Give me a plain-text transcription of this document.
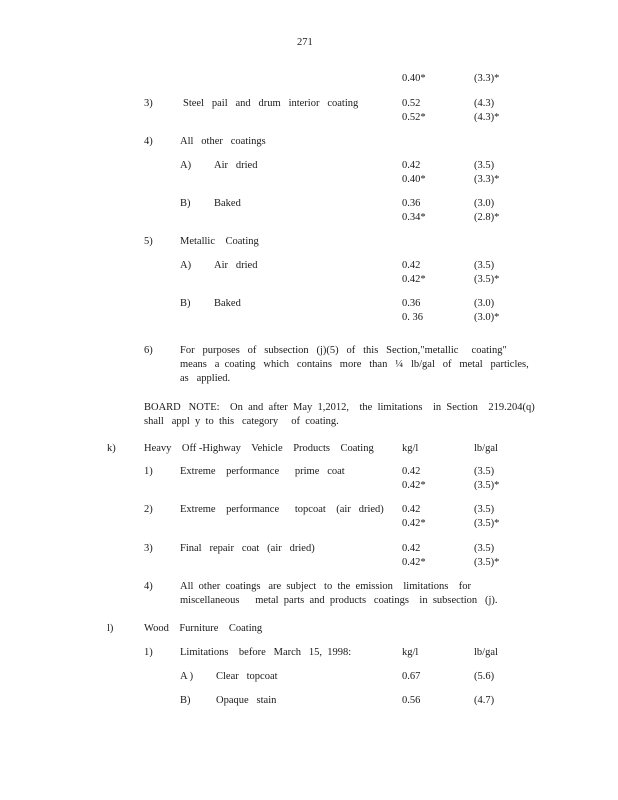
271
0.40*	(3.3)*
3)	Steel   pail   and   drum   interior   coating	0.52	(4.3)
0.52*	(4.3)*
4)	All   other   coatings
A) Air   dried	0.42	(3.5)
0.40*	(3.3)*
B) Baked	0.36	(3.0)
0.34*	(2.8)*
5)	Metallic    Coating
A) Air   dried	0.42	(3.5)
0.42*	(3.5)*
B) Baked	0.36	(3.0)
0. 36	(3.0)*
6)	For   purposes   of   subsection   (j)(5)   of   this   Section,"metallic     coating"
means   a  coating   which   contains   more   than   ¼   lb/gal   of   metal   particles,
as   applied.
BOARD   NOTE:    On  and  after  May  1,2012,    the  limitations    in  Section    219.204(q)
shall   appl  y  to  this   category     of  coating.
k)	Heavy    Off -Highway    Vehicle    Products    Coating	kg/l	lb/gal
1)	Extreme    performance      prime   coat	0.42	(3.5)
0.42*	(3.5)*
2)	Extreme    performance      topcoat    (air   dried) 0.42	(3.5)
0.42*	(3.5)*
3)	Final   repair   coat   (air   dried)	0.42	(3.5)
0.42*	(3.5)*
4)	All  other  coatings   are  subject   to  the  emission    limitations    for
miscellaneous      metal  parts  and  products   coatings    in  subsection   (j).
l)	Wood    Furniture    Coating
1)	Limitations    before   March   15,  1998:	kg/l	lb/gal
A ) Clear   topcoat	0.67	(5.6)
B) Opaque   stain	0.56	(4.7)
